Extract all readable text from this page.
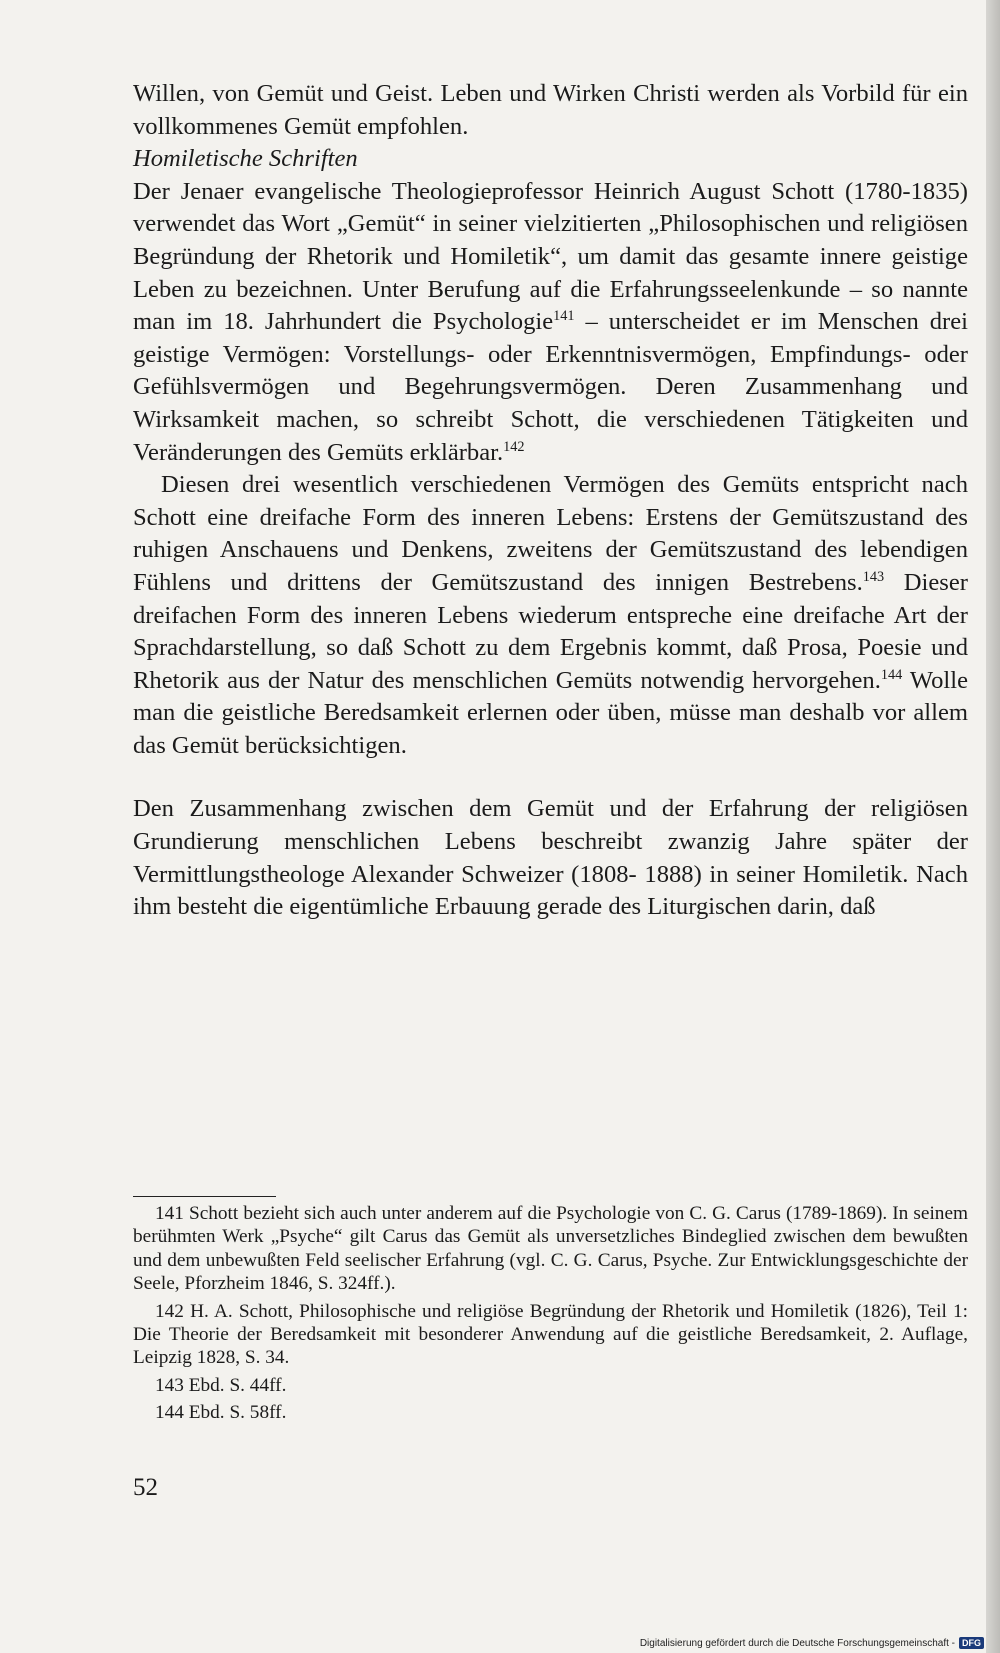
Willen, von Gemüt und Geist. Leben und Wirken Christi werden als Vorbild für ein vollkommenes Gemüt empfohlen.

Homiletische Schriften

Der Jenaer evangelische Theologieprofessor Heinrich August Schott (1780-1835) verwendet das Wort „Gemüt“ in seiner vielzitierten „Philosophischen und religiösen Begründung der Rhetorik und Homiletik“, um damit das gesamte innere geistige Leben zu bezeichnen. Unter Berufung auf die Erfahrungsseelenkunde – so nannte man im 18. Jahrhundert die Psychologie$^{141}$ – unterscheidet er im Menschen drei geistige Vermögen: Vorstellungs- oder Erkenntnisvermögen, Empfindungs- oder Gefühlsvermögen und Begehrungsvermögen. Deren Zusammenhang und Wirksamkeit machen, so schreibt Schott, die verschiedenen Tätigkeiten und Veränderungen des Gemüts erklärbar.$^{142}$

Diesen drei wesentlich verschiedenen Vermögen des Gemüts entspricht nach Schott eine dreifache Form des inneren Lebens: Erstens der Gemütszustand des ruhigen Anschauens und Denkens, zweitens der Gemütszustand des lebendigen Fühlens und drittens der Gemütszustand des innigen Bestrebens.$^{143}$ Dieser dreifachen Form des inneren Lebens wiederum entspreche eine dreifache Art der Sprachdarstellung, so daß Schott zu dem Ergebnis kommt, daß Prosa, Poesie und Rhetorik aus der Natur des menschlichen Gemüts notwendig hervorgehen.$^{144}$ Wolle man die geistliche Beredsamkeit erlernen oder üben, müsse man deshalb vor allem das Gemüt berücksichtigen.

Den Zusammenhang zwischen dem Gemüt und der Erfahrung der religiösen Grundierung menschlichen Lebens beschreibt zwanzig Jahre später der Vermittlungstheologe Alexander Schweizer (1808- 1888) in seiner Homiletik. Nach ihm besteht die eigentümliche Erbauung gerade des Liturgischen darin, daß

141 Schott bezieht sich auch unter anderem auf die Psychologie von C. G. Carus (1789-1869). In seinem berühmten Werk „Psyche“ gilt Carus das Gemüt als unversetzliches Bindeglied zwischen dem bewußten und dem unbewußten Feld seelischer Erfahrung (vgl. C. G. Carus, Psyche. Zur Entwicklungsgeschichte der Seele, Pforzheim 1846, S. 324ff.).

142 H. A. Schott, Philosophische und religiöse Begründung der Rhetorik und Homiletik (1826), Teil 1: Die Theorie der Beredsamkeit mit besonderer Anwendung auf die geistliche Beredsamkeit, 2. Auflage, Leipzig 1828, S. 34.

143 Ebd. S. 44ff.

144 Ebd. S. 58ff.

52
Digitalisierung gefördert durch die Deutsche Forschungsgemeinschaft - DFG
